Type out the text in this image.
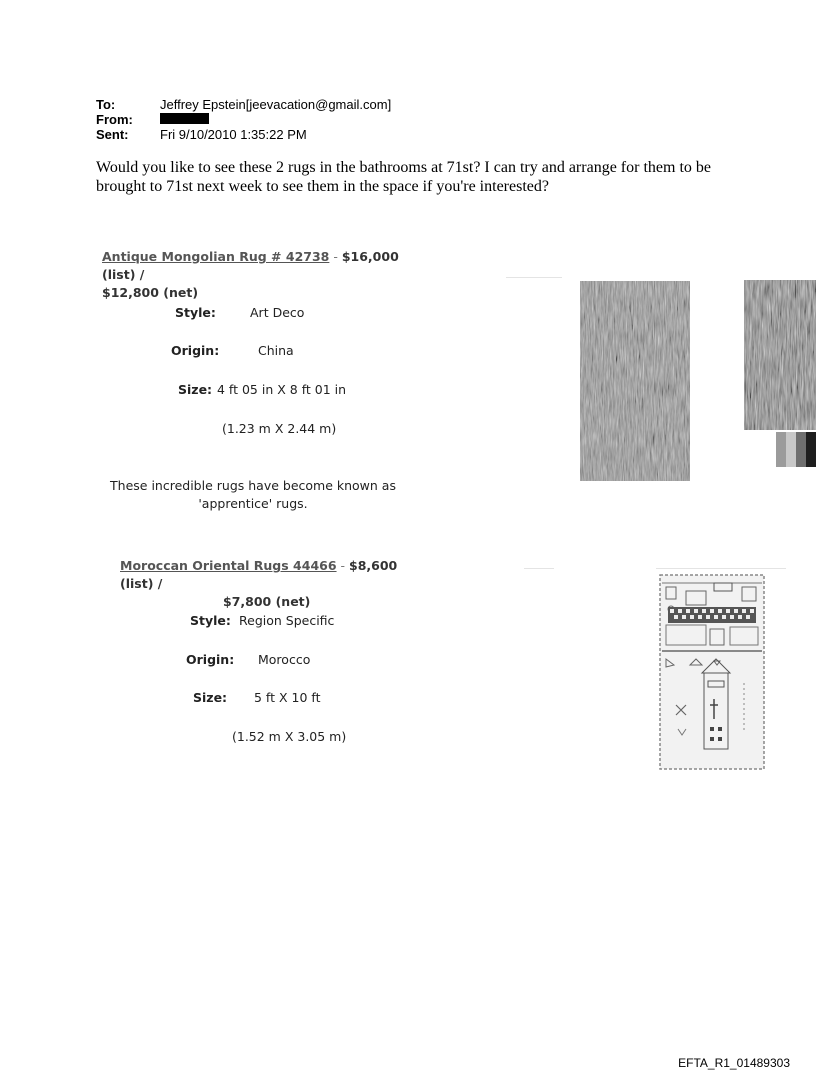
To:	Jeffrey Epstein[jeevacation@gmail.com]
From:
Sent:	Fri 9/10/2010 1:35:22 PM
Would you like to see these 2 rugs in the bathrooms at 71st? I can try and arrange for them to be brought to 71st next week to see them in the space if you're interested?
Antique Mongolian Rug # 42738 - $16,000 (list) /
$12,800 (net)
Style:	Art Deco
Origin:	China
Size: 4 ft 05 in X 8 ft 01 in
(1.23 m X 2.44 m)
These incredible rugs have become known as
'apprentice' rugs.
Moroccan Oriental Rugs 44466 - $8,600 (list) /
$7,800 (net)
Style: Region Specific
Origin: Morocco
Size: 5 ft X 10 ft
(1.52 m X 3.05 m)
EFTA_R1_01489303
